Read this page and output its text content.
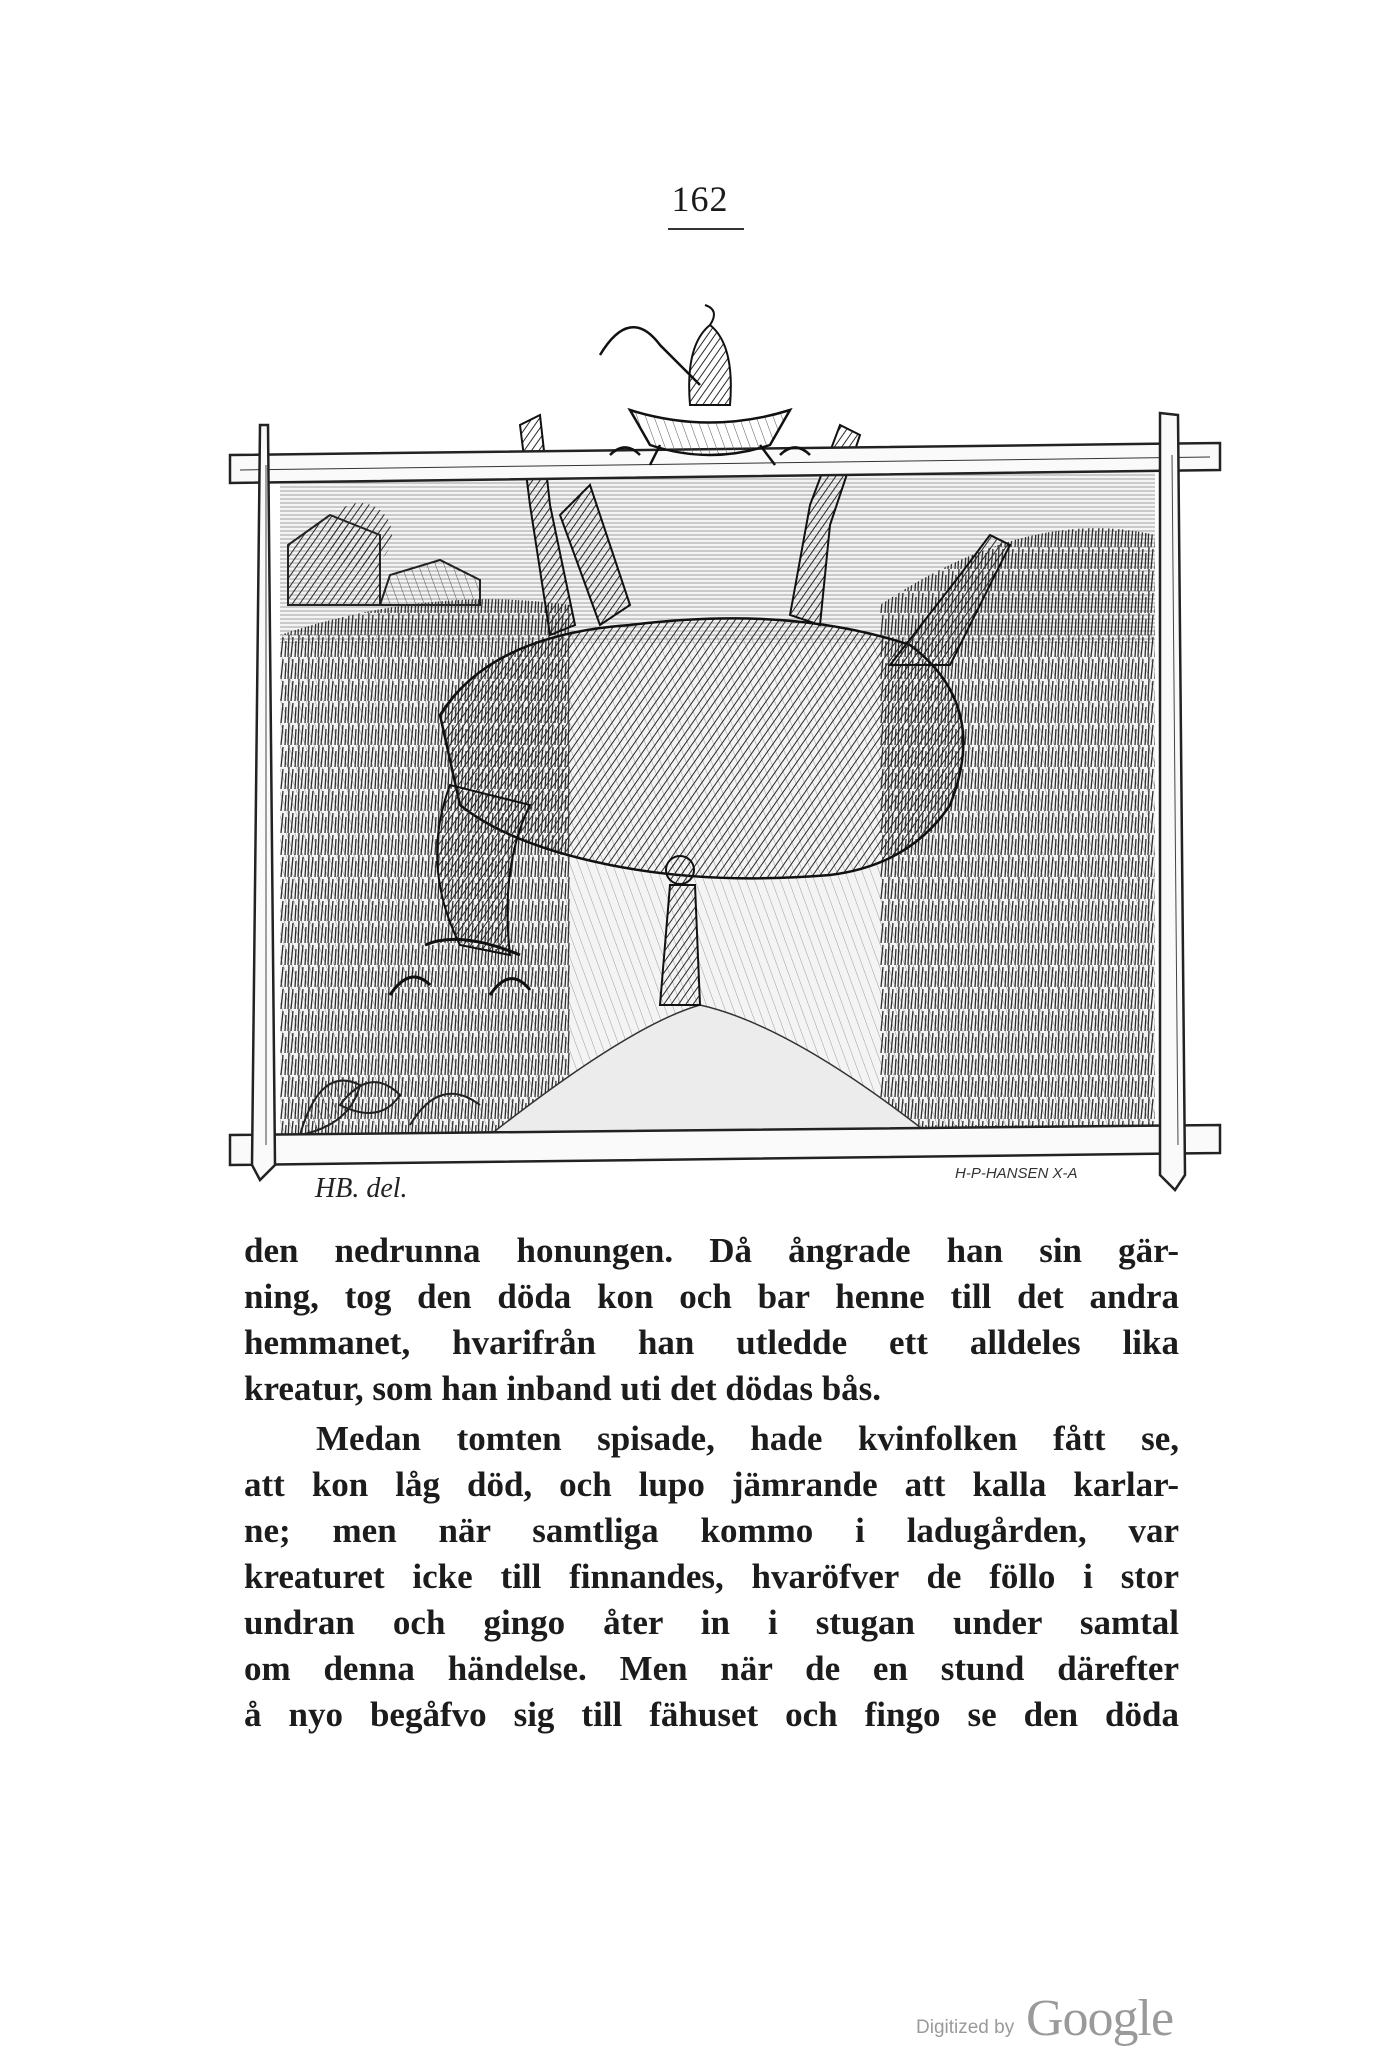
162
HB. del.	H-P-HANSEN X-A
den nedrunna honungen. Då ångrade han sin gär-
ning, tog den döda kon och bar henne till det andra
hemmanet, hvarifrån han utledde ett alldeles lika
kreatur, som han inband uti det dödas bås.
Medan tomten spisade, hade kvinfolken fått se,
att kon låg död, och lupo jämrande att kalla karlar-
ne; men när samtliga kommo i ladugården, var
kreaturet icke till finnandes, hvaröfver de föllo i stor
undran och gingo åter in i stugan under samtal
om denna händelse. Men när de en stund därefter
å nyo begåfvo sig till fähuset och fingo se den döda
Digitized by Google
